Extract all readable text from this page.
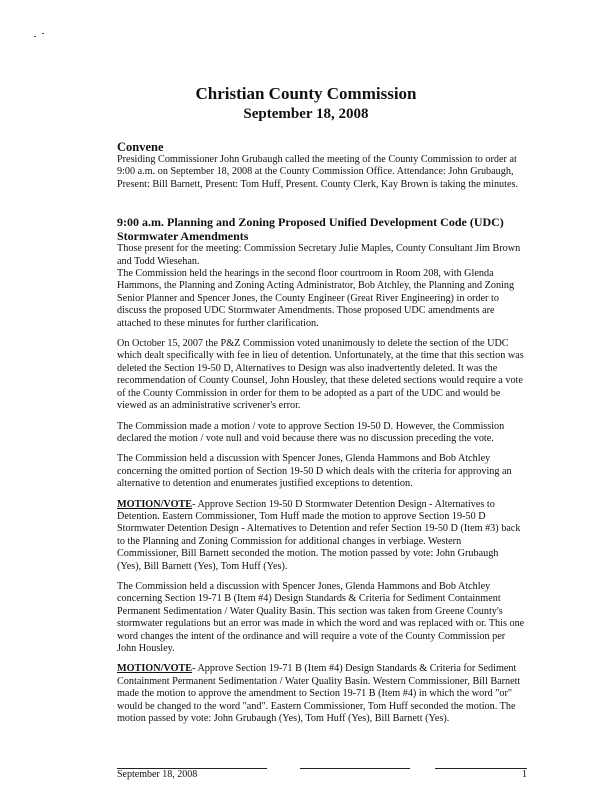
Christian County Commission
September 18, 2008
Convene

Presiding Commissioner John Grubaugh called the meeting of the County Commission to order at 9:00 a.m. on September 18, 2008 at the County Commission Office. Attendance: John Grubaugh, Present: Bill Barnett, Present: Tom Huff, Present. County Clerk, Kay Brown is taking the minutes.

9:00 a.m. Planning and Zoning Proposed Unified Development Code (UDC)
Stormwater Amendments

Those present for the meeting: Commission Secretary Julie Maples, County Consultant Jim Brown and Todd Wiesehan.

The Commission held the hearings in the second floor courtroom in Room 208, with Glenda Hammons, the Planning and Zoning Acting Administrator, Bob Atchley, the Planning and Zoning Senior Planner and Spencer Jones, the County Engineer (Great River Engineering) in order to discuss the proposed UDC Stormwater Amendments. Those proposed UDC amendments are attached to these minutes for further clarification.

On October 15, 2007 the P&Z Commission voted unanimously to delete the section of the UDC which dealt specifically with fee in lieu of detention. Unfortunately, at the time that this section was deleted the Section 19-50 D, Alternatives to Design was also inadvertently deleted. It was the recommendation of County Counsel, John Housley, that these deleted sections would require a vote of the County Commission in order for them to be adopted as a part of the UDC and would be viewed as an administrative scrivener's error.

The Commission made a motion / vote to approve Section 19-50 D. However, the Commission declared the motion / vote null and void because there was no discussion preceding the vote.

The Commission held a discussion with Spencer Jones, Glenda Hammons and Bob Atchley concerning the omitted portion of Section 19-50 D which deals with the criteria for approving an alternative to detention and enumerates justified exceptions to detention.

MOTION/VOTE- Approve Section 19-50 D Stormwater Detention Design - Alternatives to Detention. Eastern Commissioner, Tom Huff made the motion to approve Section 19-50 D Stormwater Detention Design - Alternatives to Detention and refer Section 19-50 D (Item #3) back to the Planning and Zoning Commission for additional changes in verbiage. Western Commissioner, Bill Barnett seconded the motion. The motion passed by vote: John Grubaugh (Yes), Bill Barnett (Yes), Tom Huff (Yes).

The Commission held a discussion with Spencer Jones, Glenda Hammons and Bob Atchley concerning Section 19-71 B (Item #4) Design Standards & Criteria for Sediment Containment Permanent Sedimentation / Water Quality Basin. This section was taken from Greene County's stormwater regulations but an error was made in which the word and was replaced with or. This one word changes the intent of the ordinance and will require a vote of the County Commission per John Housley.

MOTION/VOTE- Approve Section 19-71 B (Item #4) Design Standards & Criteria for Sediment Containment Permanent Sedimentation / Water Quality Basin. Western Commissioner, Bill Barnett made the motion to approve the amendment to Section 19-71 B (Item #4) in which the word "or" would be changed to the word "and". Eastern Commissioner, Tom Huff seconded the motion. The motion passed by vote: John Grubaugh (Yes), Tom Huff (Yes), Bill Barnett (Yes).

September 18, 2008	1
